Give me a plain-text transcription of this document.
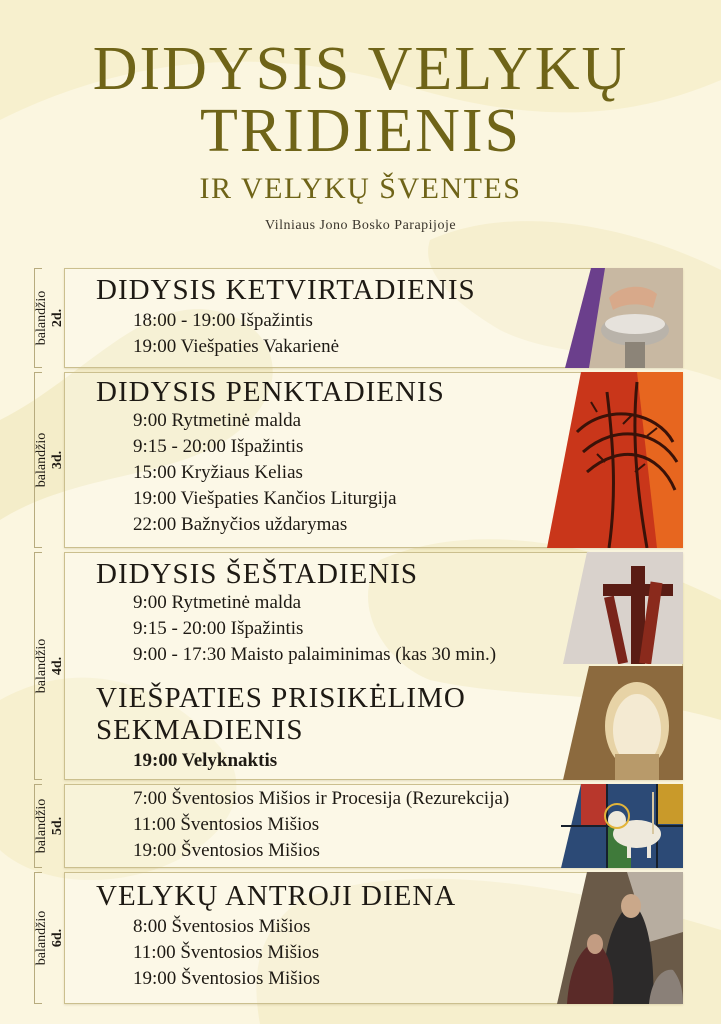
DIDYSIS VELYKŲ
TRIDIENIS
IR VELYKŲ ŠVENTES
Vilniaus Jono Bosko Parapijoje
balandžio 2d.
DIDYSIS KETVIRTADIENIS
18:00 - 19:00 Išpažintis
19:00 Viešpaties Vakarienė
balandžio 3d.
DIDYSIS PENKTADIENIS
9:00 Rytmetinė malda
9:15 - 20:00 Išpažintis
15:00 Kryžiaus Kelias
19:00 Viešpaties Kančios Liturgija
22:00 Bažnyčios uždarymas
balandžio 4d.
DIDYSIS ŠEŠTADIENIS
9:00 Rytmetinė malda
9:15 - 20:00 Išpažintis
9:00 - 17:30 Maisto palaiminimas (kas 30 min.)
VIEŠPATIES PRISIKĖLIMO
SEKMADIENIS
19:00 Velyknaktis
balandžio 5d.
7:00 Šventosios Mišios ir Procesija (Rezurekcija)
11:00 Šventosios Mišios
19:00 Šventosios Mišios
balandžio 6d.
VELYKŲ ANTROJI DIENA
8:00 Šventosios Mišios
11:00 Šventosios Mišios
19:00 Šventosios Mišios
